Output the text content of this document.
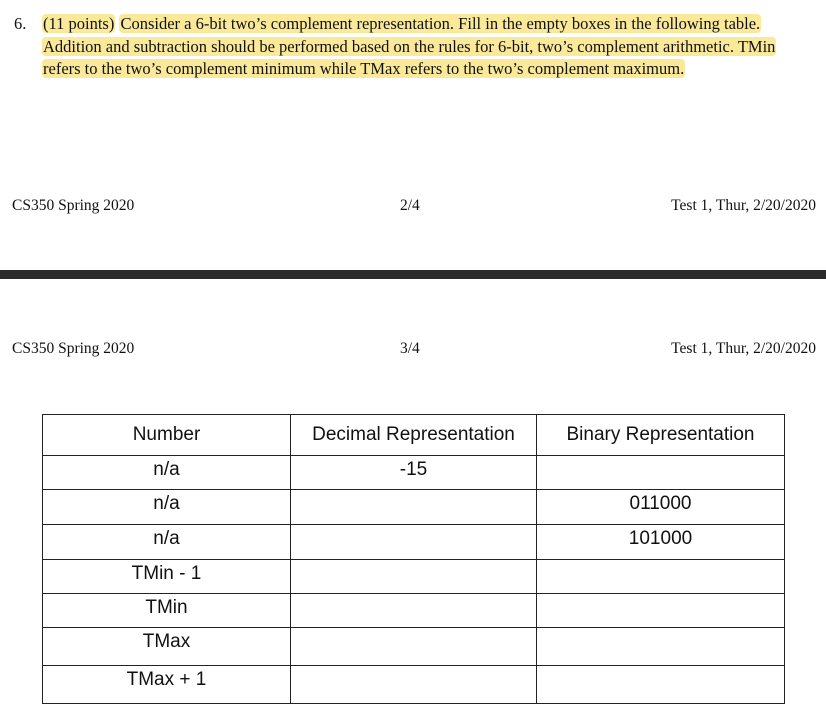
6. (11 points) Consider a 6-bit two’s complement representation. Fill in the empty boxes in the following table. Addition and subtraction should be performed based on the rules for 6-bit, two’s complement arithmetic. TMin refers to the two’s complement minimum while TMax refers to the two’s complement maximum.
CS350 Spring 2020	2/4	Test 1, Thur, 2/20/2020
CS350 Spring 2020	3/4	Test 1, Thur, 2/20/2020
Number	Decimal Representation	Binary Representation
n/a	-15	
n/a		011000
n/a		101000
TMin - 1		
TMin		
TMax		
TMax + 1		
